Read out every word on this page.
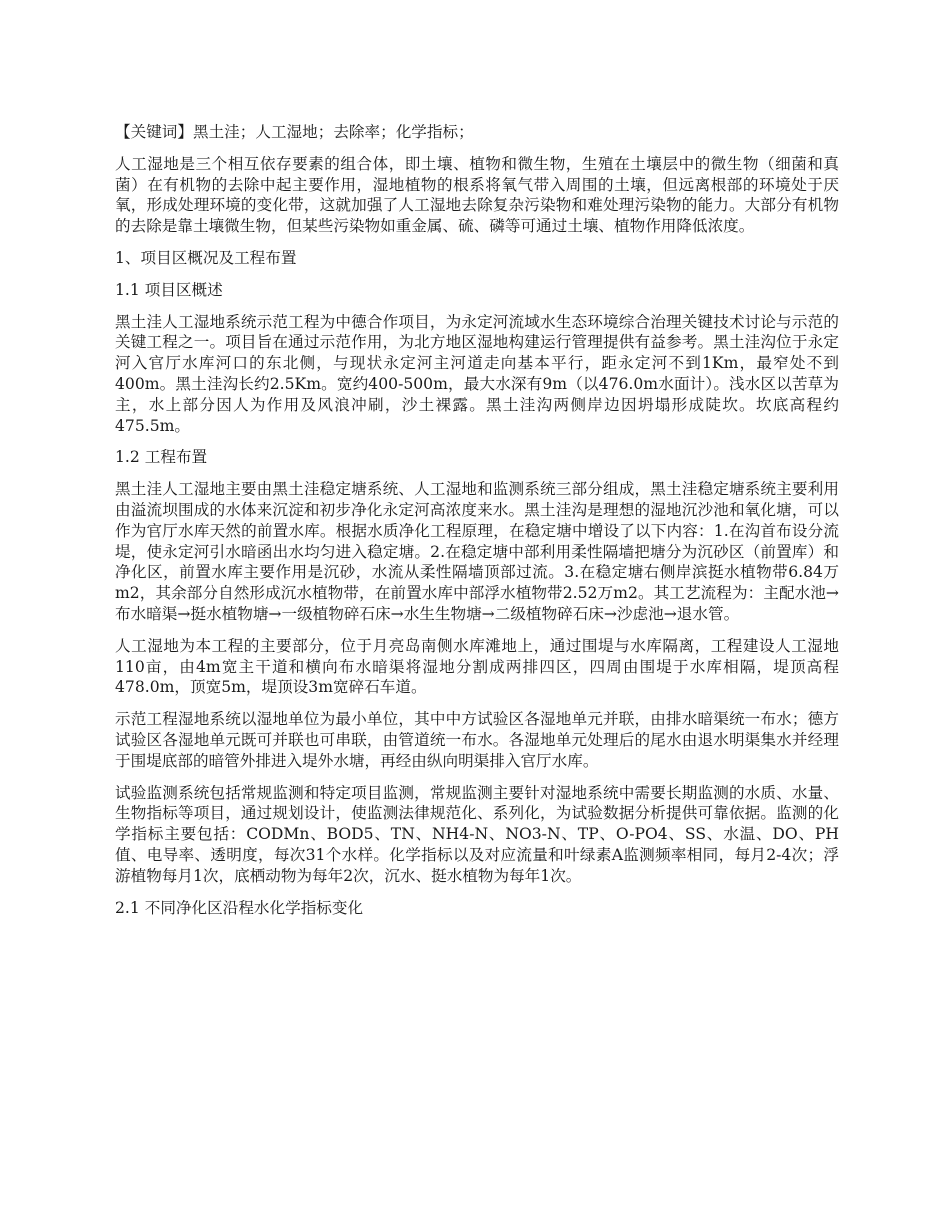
【关键词】黑土洼；人工湿地；去除率；化学指标；

人工湿地是三个相互依存要素的组合体，即土壤、植物和微生物，生殖在土壤层中的微生物（细菌和真菌）在有机物的去除中起主要作用，湿地植物的根系将氧气带入周围的土壤，但远离根部的环境处于厌氧，形成处理环境的变化带，这就加强了人工湿地去除复杂污染物和难处理污染物的能力。大部分有机物的去除是靠土壤微生物，但某些污染物如重金属、硫、磷等可通过土壤、植物作用降低浓度。

1、项目区概况及工程布置

1.1 项目区概述

黑土洼人工湿地系统示范工程为中德合作项目，为永定河流域水生态环境综合治理关键技术讨论与示范的关键工程之一。项目旨在通过示范作用，为北方地区湿地构建运行管理提供有益参考。黑土洼沟位于永定河入官厅水库河口的东北侧，与现状永定河主河道走向基本平行，距永定河不到1Km，最窄处不到400m。黑土洼沟长约2.5Km。宽约400-500m，最大水深有9m（以476.0m水面计）。浅水区以苦草为主，水上部分因人为作用及风浪冲刷，沙土裸露。黑土洼沟两侧岸边因坍塌形成陡坎。坎底高程约475.5m。

1.2 工程布置

黑土洼人工湿地主要由黑土洼稳定塘系统、人工湿地和监测系统三部分组成，黑土洼稳定塘系统主要利用由溢流坝围成的水体来沉淀和初步净化永定河高浓度来水。黑土洼沟是理想的湿地沉沙池和氧化塘，可以作为官厅水库天然的前置水库。根据水质净化工程原理，在稳定塘中增设了以下内容：1.在沟首布设分流堤，使永定河引水暗函出水均匀进入稳定塘。2.在稳定塘中部利用柔性隔墙把塘分为沉砂区（前置库）和净化区，前置水库主要作用是沉砂，水流从柔性隔墙顶部过流。3.在稳定塘右侧岸滨挺水植物带6.84万m2，其余部分自然形成沉水植物带，在前置水库中部浮水植物带2.52万m2。其工艺流程为：主配水池→布水暗渠→挺水植物塘→一级植物碎石床→水生生物塘→二级植物碎石床→沙虑池→退水管。

人工湿地为本工程的主要部分，位于月亮岛南侧水库滩地上，通过围堤与水库隔离，工程建设人工湿地110亩，由4m宽主干道和横向布水暗渠将湿地分割成两排四区，四周由围堤于水库相隔，堤顶高程478.0m，顶宽5m，堤顶设3m宽碎石车道。

示范工程湿地系统以湿地单位为最小单位，其中中方试验区各湿地单元并联，由排水暗渠统一布水；德方试验区各湿地单元既可并联也可串联，由管道统一布水。各湿地单元处理后的尾水由退水明渠集水并经理于围堤底部的暗管外排进入堤外水塘，再经由纵向明渠排入官厅水库。

试验监测系统包括常规监测和特定项目监测，常规监测主要针对湿地系统中需要长期监测的水质、水量、生物指标等项目，通过规划设计，使监测法律规范化、系列化，为试验数据分析提供可靠依据。监测的化学指标主要包括：CODMn、BOD5、TN、NH4-N、NO3-N、TP、O-PO4、SS、水温、DO、PH值、电导率、透明度，每次31个水样。化学指标以及对应流量和叶绿素A监测频率相同，每月2-4次；浮游植物每月1次，底栖动物为每年2次，沉水、挺水植物为每年1次。

2.1 不同净化区沿程水化学指标变化
